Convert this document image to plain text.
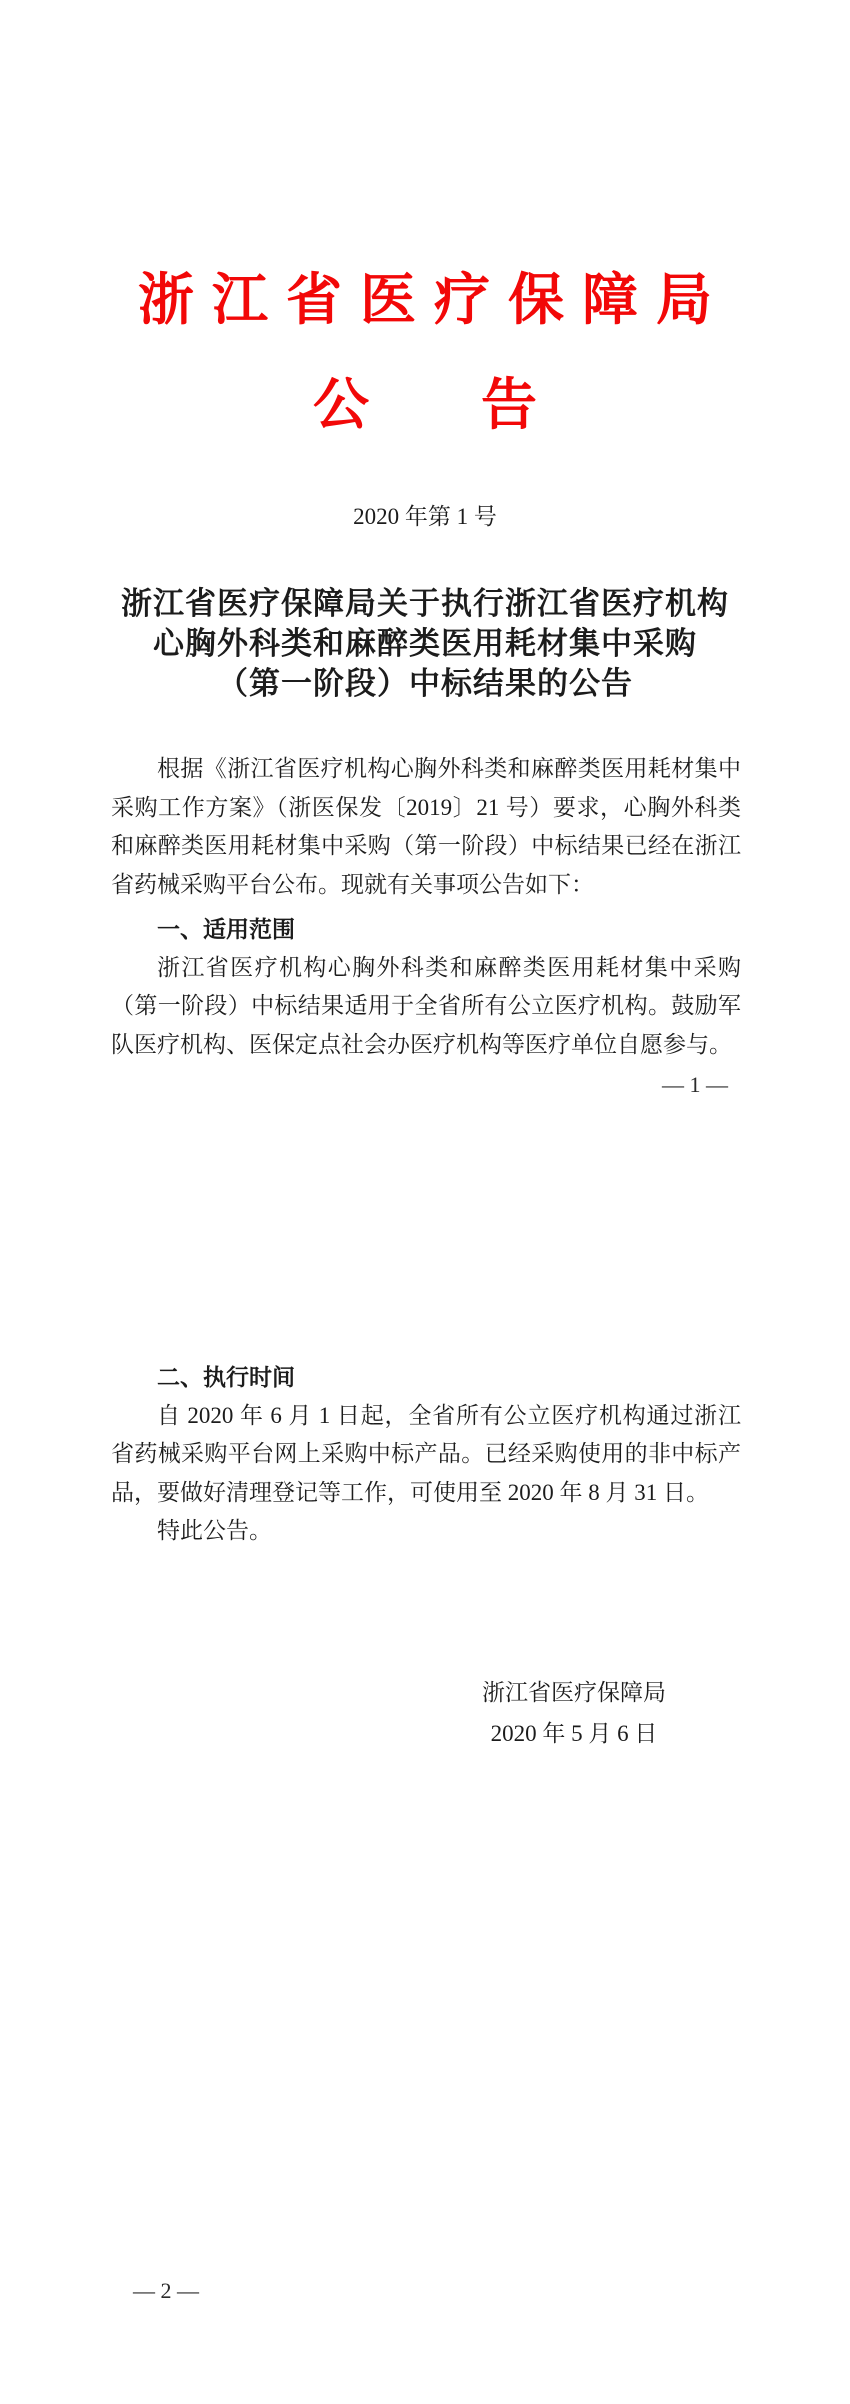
浙江省医疗保障局
公　　告
2020 年第 1 号
浙江省医疗保障局关于执行浙江省医疗机构
心胸外科类和麻醉类医用耗材集中采购
（第一阶段）中标结果的公告

根据《浙江省医疗机构心胸外科类和麻醉类医用耗材集中采购工作方案》（浙医保发〔2019〕21 号）要求，心胸外科类和麻醉类医用耗材集中采购（第一阶段）中标结果已经在浙江省药械采购平台公布。现就有关事项公告如下：

一、适用范围

浙江省医疗机构心胸外科类和麻醉类医用耗材集中采购（第一阶段）中标结果适用于全省所有公立医疗机构。鼓励军队医疗机构、医保定点社会办医疗机构等医疗单位自愿参与。

— 1 —
二、执行时间

自 2020 年 6 月 1 日起，全省所有公立医疗机构通过浙江省药械采购平台网上采购中标产品。已经采购使用的非中标产品，要做好清理登记等工作，可使用至 2020 年 8 月 31 日。

特此公告。

浙江省医疗保障局
2020 年 5 月 6 日
— 2 —
